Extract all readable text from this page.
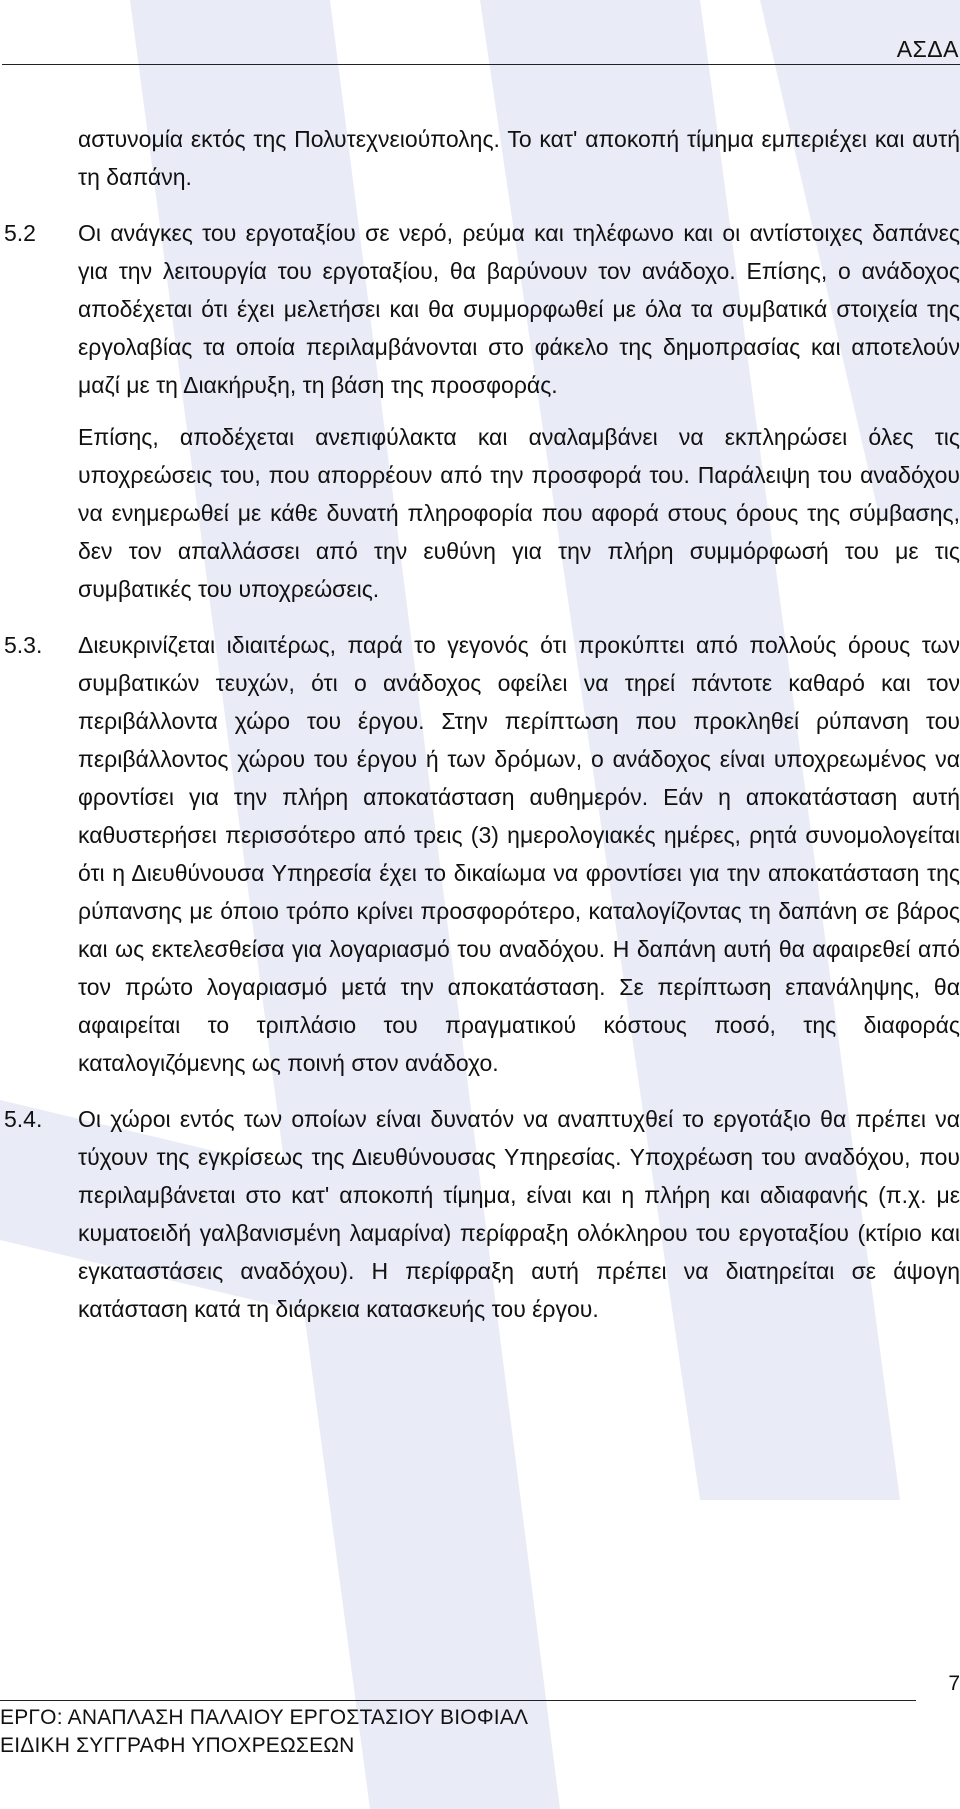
ΑΣΔΑ
αστυνομία εκτός της Πολυτεχνειούπολης. Το κατ' αποκοπή τίμημα εμπεριέχει και αυτή τη δαπάνη.
5.2	Οι ανάγκες του εργοταξίου σε νερό, ρεύμα και τηλέφωνο και οι αντίστοιχες δαπάνες για την λειτουργία του εργοταξίου, θα βαρύνουν τον ανάδοχο. Επίσης, ο ανάδοχος αποδέχεται ότι έχει μελετήσει και θα συμμορφωθεί με όλα τα συμβατικά στοιχεία της εργολαβίας τα οποία περιλαμβάνονται στο φάκελο της δημοπρασίας και αποτελούν μαζί με τη Διακήρυξη, τη βάση της προσφοράς.
Επίσης, αποδέχεται ανεπιφύλακτα και αναλαμβάνει να εκπληρώσει όλες τις υποχρεώσεις του, που απορρέουν από την προσφορά του. Παράλειψη του αναδόχου να ενημερωθεί με κάθε δυνατή πληροφορία που αφορά στους όρους της σύμβασης, δεν τον απαλλάσσει από την ευθύνη για την πλήρη συμμόρφωσή του με τις συμβατικές του υποχρεώσεις.
5.3.	Διευκρινίζεται ιδιαιτέρως, παρά το γεγονός ότι προκύπτει από πολλούς όρους των συμβατικών τευχών, ότι ο ανάδοχος οφείλει να τηρεί πάντοτε καθαρό και τον περιβάλλοντα χώρο του έργου. Στην περίπτωση που προκληθεί ρύπανση του περιβάλλοντος χώρου του έργου ή των δρόμων, ο ανάδοχος είναι υποχρεωμένος να φροντίσει για την πλήρη αποκατάσταση αυθημερόν. Εάν η αποκατάσταση αυτή καθυστερήσει περισσότερο από τρεις (3) ημερολογιακές ημέρες, ρητά συνομολογείται ότι η Διευθύνουσα Υπηρεσία έχει το δικαίωμα να φροντίσει για την αποκατάσταση της ρύπανσης με όποιο τρόπο κρίνει προσφορότερο, καταλογίζοντας τη δαπάνη σε βάρος και ως εκτελεσθείσα για λογαριασμό του αναδόχου. Η δαπάνη αυτή θα αφαιρεθεί από τον πρώτο λογαριασμό μετά την αποκατάσταση. Σε περίπτωση επανάληψης, θα αφαιρείται το τριπλάσιο του πραγματικού κόστους ποσό, της διαφοράς καταλογιζόμενης ως ποινή στον ανάδοχο.
5.4.	Οι χώροι εντός των οποίων είναι δυνατόν να αναπτυχθεί το εργοτάξιο θα πρέπει να τύχουν της εγκρίσεως της Διευθύνουσας Υπηρεσίας. Υποχρέωση του αναδόχου, που περιλαμβάνεται στο κατ' αποκοπή τίμημα, είναι και η πλήρη και αδιαφανής (π.χ. με κυματοειδή γαλβανισμένη λαμαρίνα) περίφραξη ολόκληρου του εργοταξίου (κτίριο και εγκαταστάσεις αναδόχου). Η περίφραξη αυτή πρέπει να διατηρείται σε άψογη κατάσταση κατά τη διάρκεια κατασκευής του έργου.
7
ΕΡΓΟ: ΑΝΑΠΛΑΣΗ ΠΑΛΑΙΟΥ ΕΡΓΟΣΤΑΣΙΟΥ ΒΙΟΦΙΑΛ
ΕΙΔΙΚΗ ΣΥΓΓΡΑΦΗ ΥΠΟΧΡΕΩΣΕΩΝ
